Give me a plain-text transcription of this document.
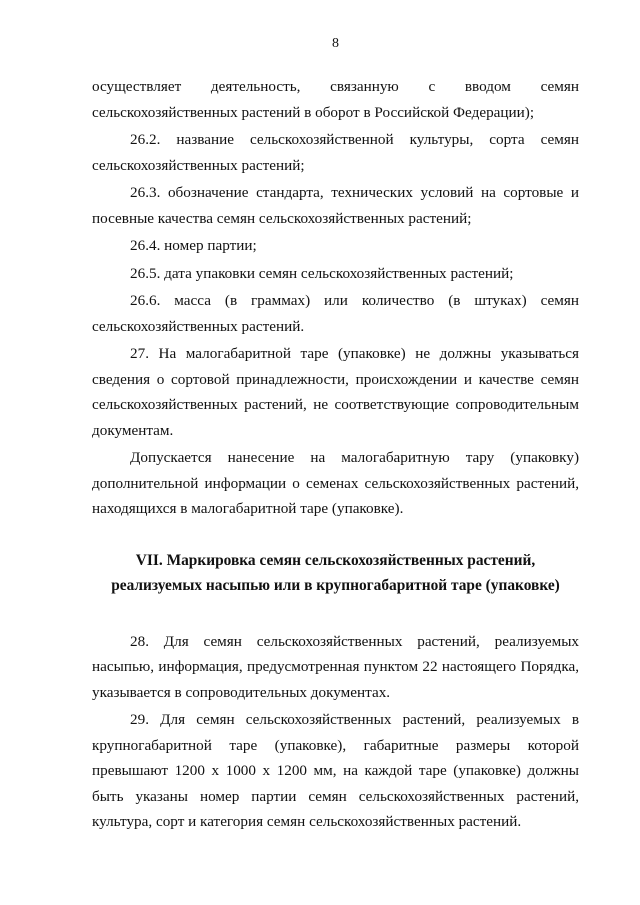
8

осуществляет деятельность, связанную с вводом семян сельскохозяйственных растений в оборот в Российской Федерации);

26.2. название сельскохозяйственной культуры, сорта семян сельскохозяйственных растений;

26.3. обозначение стандарта, технических условий на сортовые и посевные качества семян сельскохозяйственных растений;

26.4. номер партии;

26.5. дата упаковки семян сельскохозяйственных растений;

26.6. масса (в граммах) или количество (в штуках) семян сельскохозяйственных растений.

27. На малогабаритной таре (упаковке) не должны указываться сведения о сортовой принадлежности, происхождении и качестве семян сельскохозяйственных растений, не соответствующие сопроводительным документам.

Допускается нанесение на малогабаритную тару (упаковку) дополнительной информации о семенах сельскохозяйственных растений, находящихся в малогабаритной таре (упаковке).

VII. Маркировка семян сельскохозяйственных растений,
реализуемых насыпью или в крупногабаритной таре (упаковке)

28. Для семян сельскохозяйственных растений, реализуемых насыпью, информация, предусмотренная пунктом 22 настоящего Порядка, указывается в сопроводительных документах.

29. Для семян сельскохозяйственных растений, реализуемых в крупногабаритной таре (упаковке), габаритные размеры которой превышают 1200 x 1000 x 1200 мм, на каждой таре (упаковке) должны быть указаны номер партии семян сельскохозяйственных растений, культура, сорт и категория семян сельскохозяйственных растений.
